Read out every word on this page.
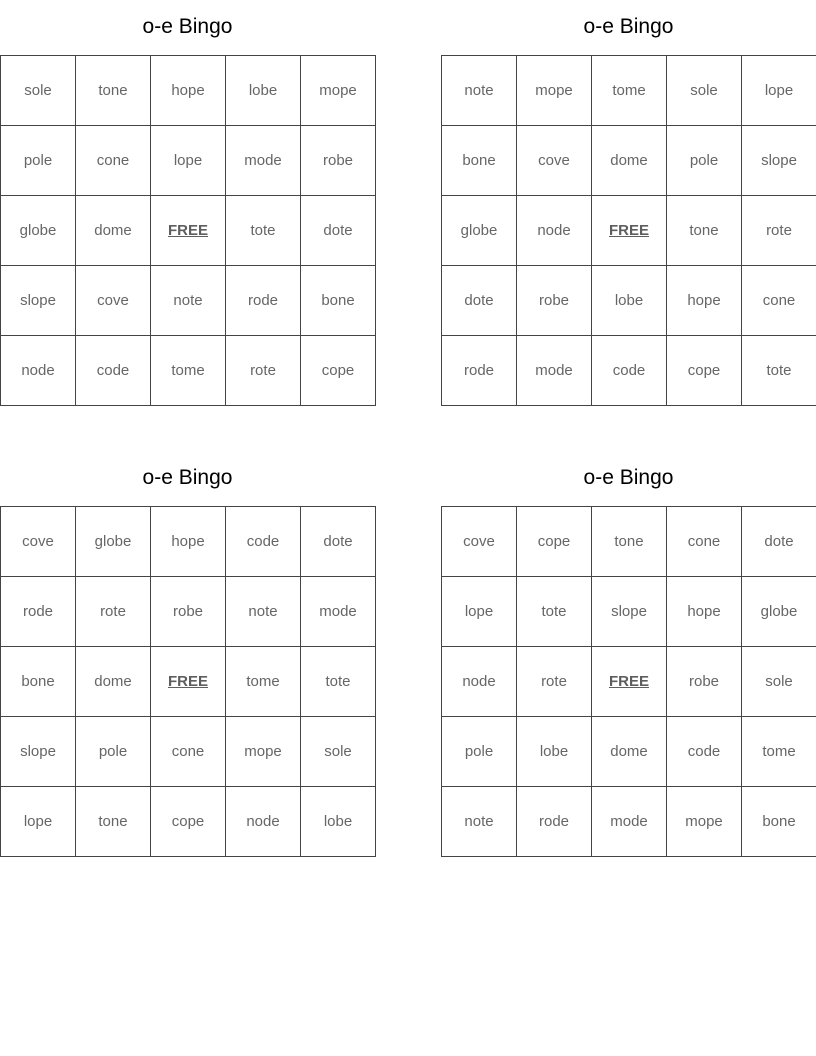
o-e Bingo
sole	tone	hope	lobe	mope
pole	cone	lope	mode	robe
globe	dome	FREE	tote	dote
slope	cove	note	rode	bone
node	code	tome	rote	cope
o-e Bingo
note	mope	tome	sole	lope
bone	cove	dome	pole	slope
globe	node	FREE	tone	rote
dote	robe	lobe	hope	cone
rode	mode	code	cope	tote
o-e Bingo
cove	globe	hope	code	dote
rode	rote	robe	note	mode
bone	dome	FREE	tome	tote
slope	pole	cone	mope	sole
lope	tone	cope	node	lobe
o-e Bingo
cove	cope	tone	cone	dote
lope	tote	slope	hope	globe
node	rote	FREE	robe	sole
pole	lobe	dome	code	tome
note	rode	mode	mope	bone
